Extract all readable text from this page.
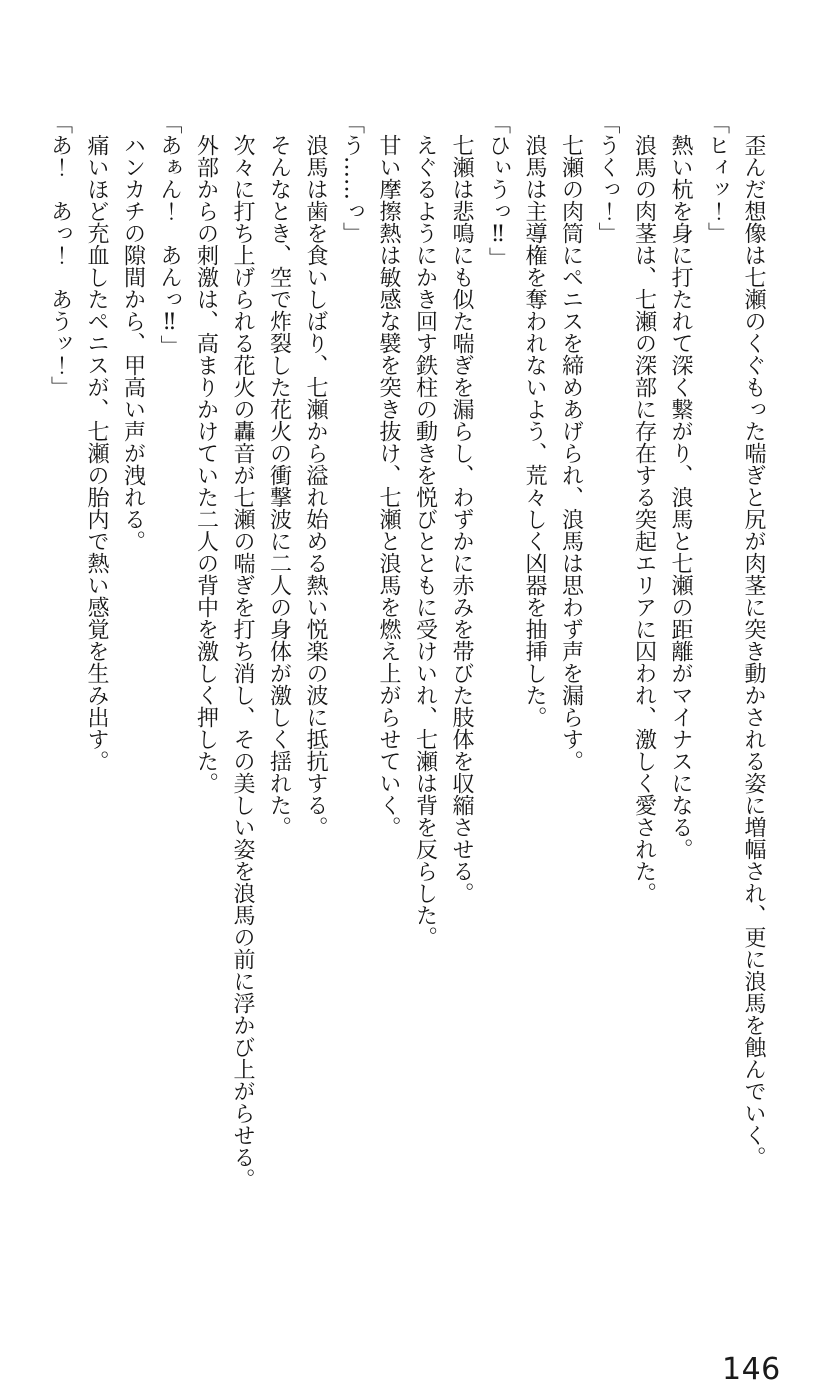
歪んだ想像は七瀬のくぐもった喘ぎと尻が肉茎に突き動かされる姿に増幅され、更に浪馬を蝕んでいく。

「ヒィッ！」

熱い杭を身に打たれて深く繋がり、浪馬と七瀬の距離がマイナスになる。

浪馬の肉茎は、七瀬の深部に存在する突起エリアに囚われ、激しく愛された。

「うくっ！」

七瀬の肉筒にペニスを締めあげられ、浪馬は思わず声を漏らす。

浪馬は主導権を奪われないよう、荒々しく凶器を抽挿した。

「ひぃうっ‼」

七瀬は悲鳴にも似た喘ぎを漏らし、わずかに赤みを帯びた肢体を収縮させる。

えぐるようにかき回す鉄柱の動きを悦びとともに受けいれ、七瀬は背を反らした。

甘い摩擦熱は敏感な襞を突き抜け、七瀬と浪馬を燃え上がらせていく。

「う……っ」

浪馬は歯を食いしばり、七瀬から溢れ始める熱い悦楽の波に抵抗する。

そんなとき、空で炸裂した花火の衝撃波に二人の身体が激しく揺れた。

次々に打ち上げられる花火の轟音が七瀬の喘ぎを打ち消し、その美しい姿を浪馬の前に浮かび上がらせる。

外部からの刺激は、高まりかけていた二人の背中を激しく押した。

「あぁん！　あんっ‼」

ハンカチの隙間から、甲高い声が洩れる。

痛いほど充血したペニスが、七瀬の胎内で熱い感覚を生み出す。

「あ！　あっ！　あうッ！」

146
